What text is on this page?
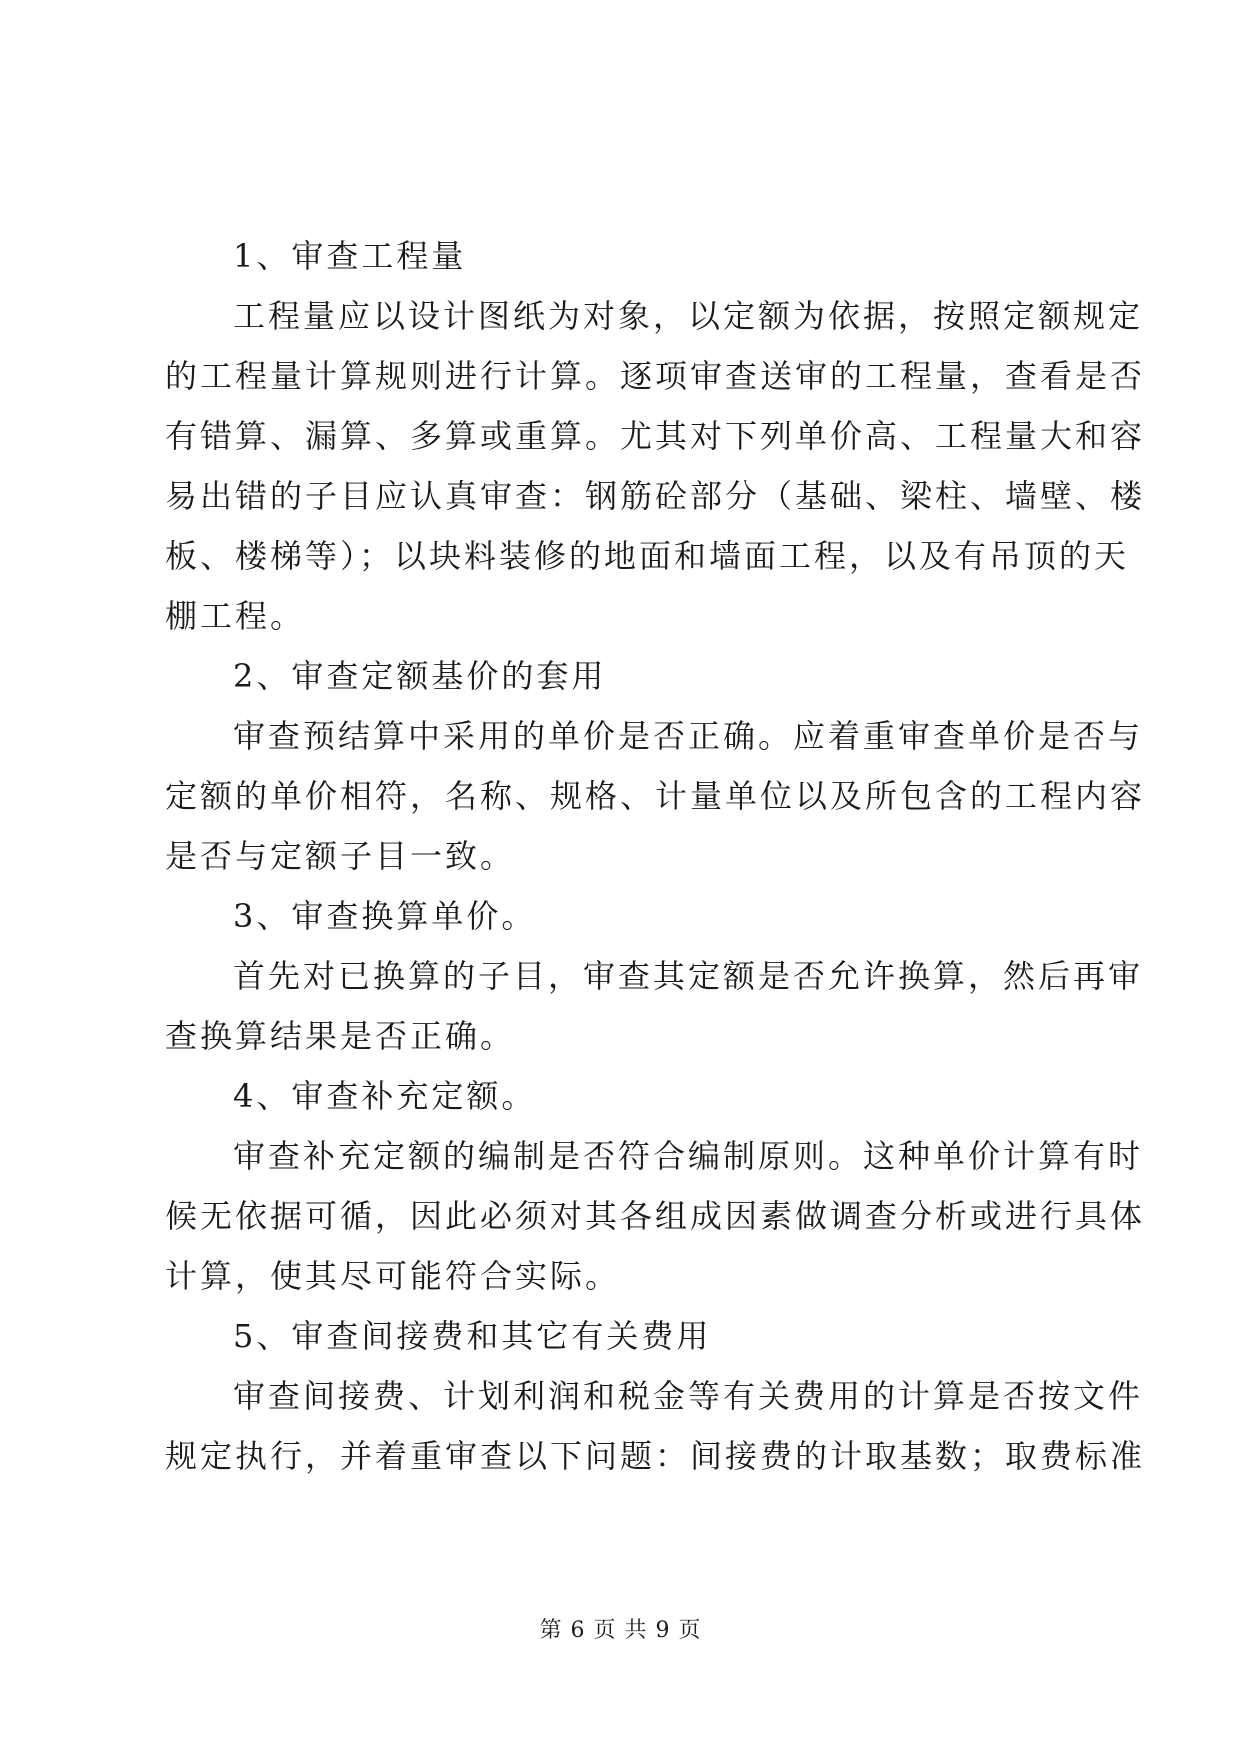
1、审查工程量
工程量应以设计图纸为对象，以定额为依据，按照定额规定
的工程量计算规则进行计算。逐项审查送审的工程量，查看是否
有错算、漏算、多算或重算。尤其对下列单价高、工程量大和容
易出错的子目应认真审查：钢筋砼部分（基础、梁柱、墙壁、楼
板、楼梯等）；以块料装修的地面和墙面工程，以及有吊顶的天
棚工程。
2、审查定额基价的套用
审查预结算中采用的单价是否正确。应着重审查单价是否与
定额的单价相符，名称、规格、计量单位以及所包含的工程内容
是否与定额子目一致。
3、审查换算单价。
首先对已换算的子目，审查其定额是否允许换算，然后再审
查换算结果是否正确。
4、审查补充定额。
审查补充定额的编制是否符合编制原则。这种单价计算有时
候无依据可循，因此必须对其各组成因素做调查分析或进行具体
计算，使其尽可能符合实际。
5、审查间接费和其它有关费用
审查间接费、计划利润和税金等有关费用的计算是否按文件
规定执行，并着重审查以下问题：间接费的计取基数；取费标准
第 6 页 共 9 页
